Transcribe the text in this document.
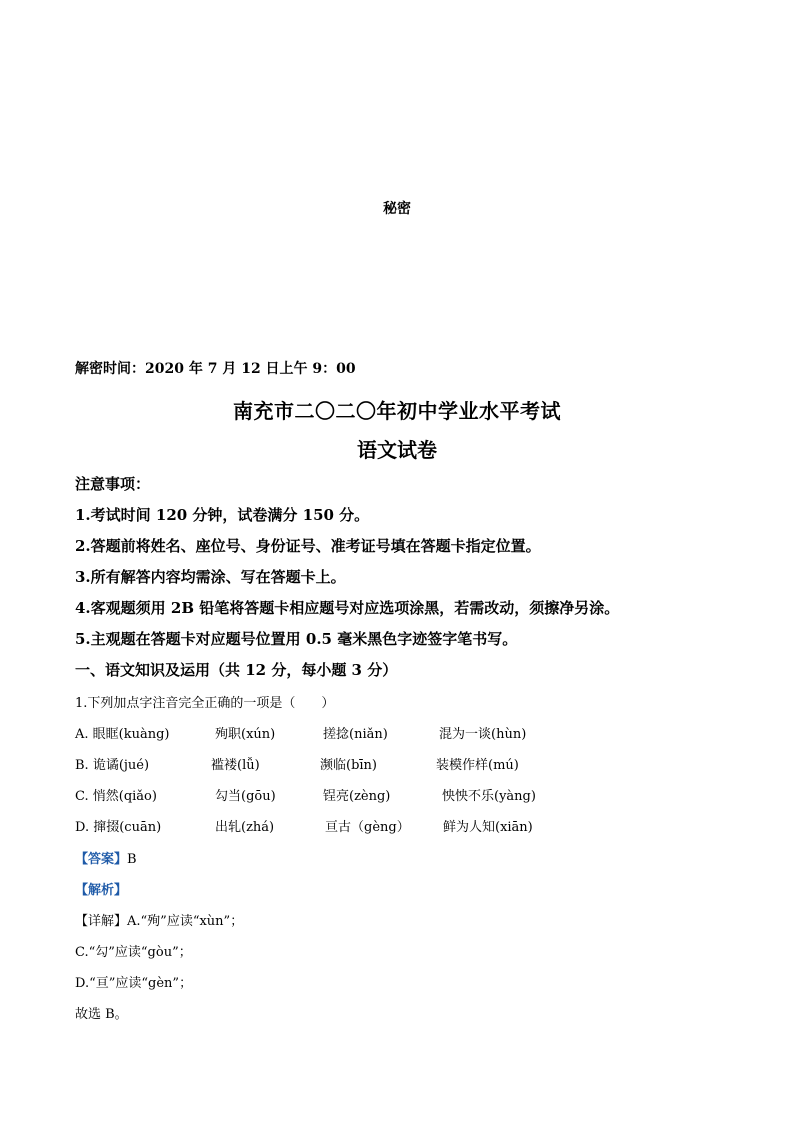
秘密
解密时间：2020 年 7 月 12 日上午 9：00
南充市二〇二〇年初中学业水平考试
语文试卷
注意事项：
1.考试时间 120 分钟，试卷满分 150 分。
2.答题前将姓名、座位号、身份证号、准考证号填在答题卡指定位置。
3.所有解答内容均需涂、写在答题卡上。
4.客观题须用 2B 铅笔将答题卡相应题号对应选项涂黑，若需改动，须擦净另涂。
5.主观题在答题卡对应题号位置用 0.5 毫米黑色字迹签字笔书写。
一、语文知识及运用（共 12 分，每小题 3 分）
1.下列加点字注音完全正确的一项是（　　）
A. 眼眶(kuàng)	殉职(xún)	搓捻(niǎn)	混为一谈(hùn)
B. 诡谲(jué)	褴褛(lǚ)	濒临(bīn)	装模作样(mú)
C. 悄然(qiǎo)	勾当(gōu)	锃亮(zèng)	怏怏不乐(yàng)
D. 撺掇(cuān)	出轧(zhá)	亘古（gèng）	鲜为人知(xiān)
【答案】B
【解析】
【详解】A.“殉”应读“xùn”；
C.“勾”应读“gòu”；
D.“亘”应读“gèn”；
故选 B。
